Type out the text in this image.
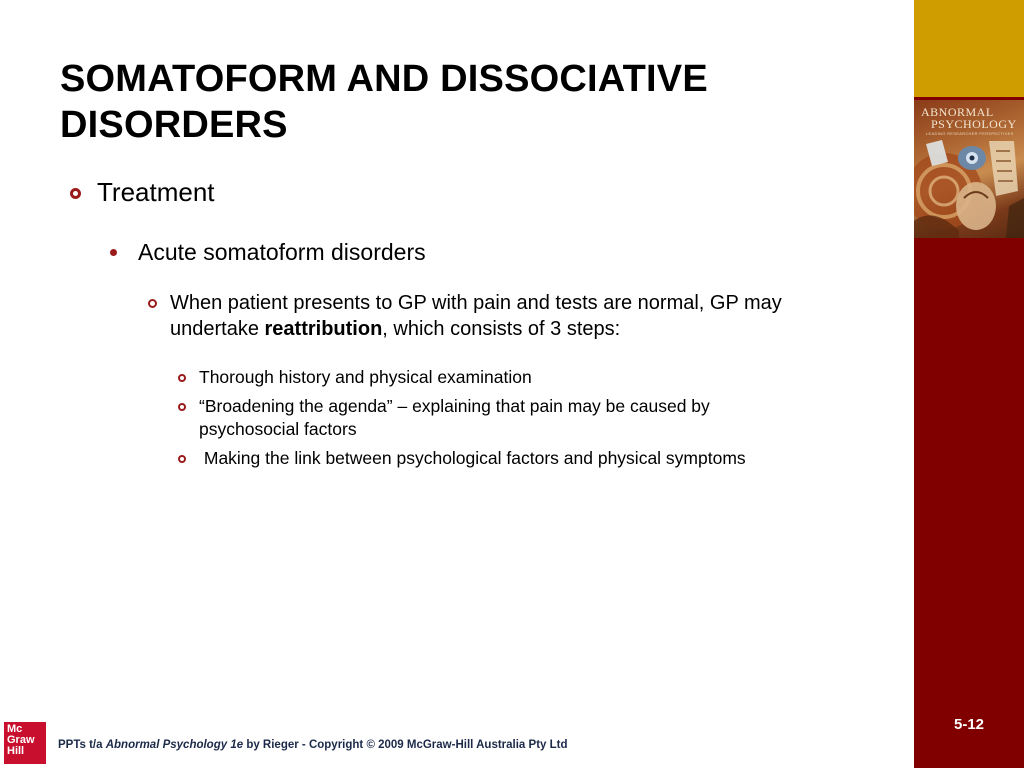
SOMATOFORM AND DISSOCIATIVE
DISORDERS
Treatment
Acute somatoform disorders
When patient presents to GP with pain and tests are normal, GP may undertake reattribution, which consists of 3 steps:
Thorough history and physical examination
“Broadening the agenda” – explaining that pain may be caused by psychosocial factors
Making the link between psychological factors and physical symptoms
ABNORMAL
PSYCHOLOGY
LEADING RESEARCHER PERSPECTIVES
Mc
Graw
Hill	PPTs t/a Abnormal Psychology 1e by Rieger - Copyright © 2009 McGraw-Hill Australia Pty Ltd
5-12
